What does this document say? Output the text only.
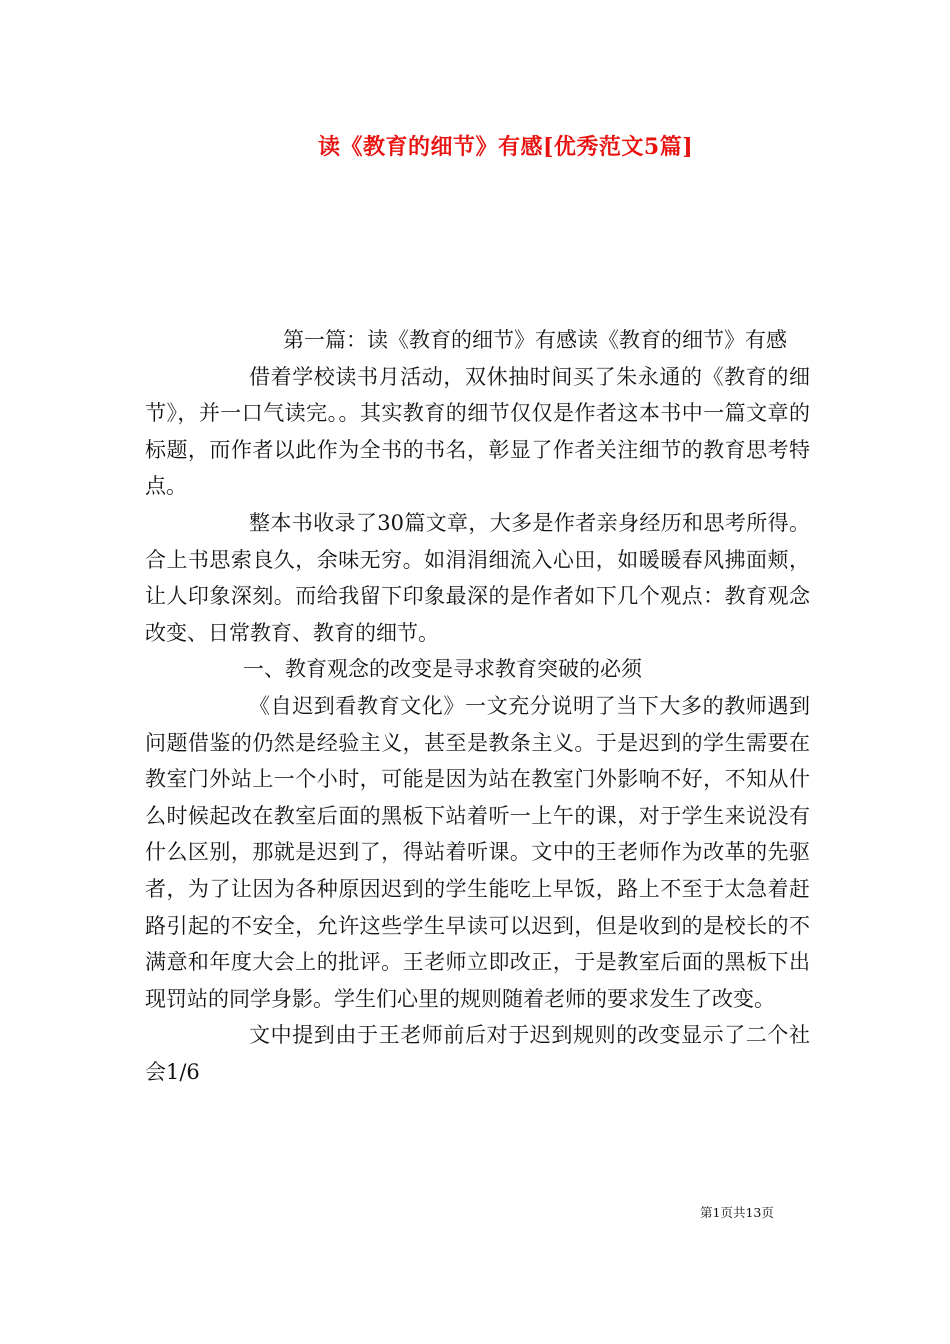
读《教育的细节》有感[优秀范文5篇]

第一篇：读《教育的细节》有感读《教育的细节》有感

借着学校读书月活动，双休抽时间买了朱永通的《教育的细节》，并一口气读完。。其实教育的细节仅仅是作者这本书中一篇文章的标题，而作者以此作为全书的书名，彰显了作者关注细节的教育思考特点。

整本书收录了30篇文章，大多是作者亲身经历和思考所得。合上书思索良久，余味无穷。如涓涓细流入心田，如暖暖春风拂面颊，让人印象深刻。而给我留下印象最深的是作者如下几个观点：教育观念改变、日常教育、教育的细节。

一、教育观念的改变是寻求教育突破的必须

《自迟到看教育文化》一文充分说明了当下大多的教师遇到问题借鉴的仍然是经验主义，甚至是教条主义。于是迟到的学生需要在教室门外站上一个小时，可能是因为站在教室门外影响不好，不知从什么时候起改在教室后面的黑板下站着听一上午的课，对于学生来说没有什么区别，那就是迟到了，得站着听课。文中的王老师作为改革的先驱者，为了让因为各种原因迟到的学生能吃上早饭，路上不至于太急着赶路引起的不安全，允许这些学生早读可以迟到，但是收到的是校长的不满意和年度大会上的批评。王老师立即改正，于是教室后面的黑板下出现罚站的同学身影。学生们心里的规则随着老师的要求发生了改变。

文中提到由于王老师前后对于迟到规则的改变显示了二个社会1/6

第1页共13页
